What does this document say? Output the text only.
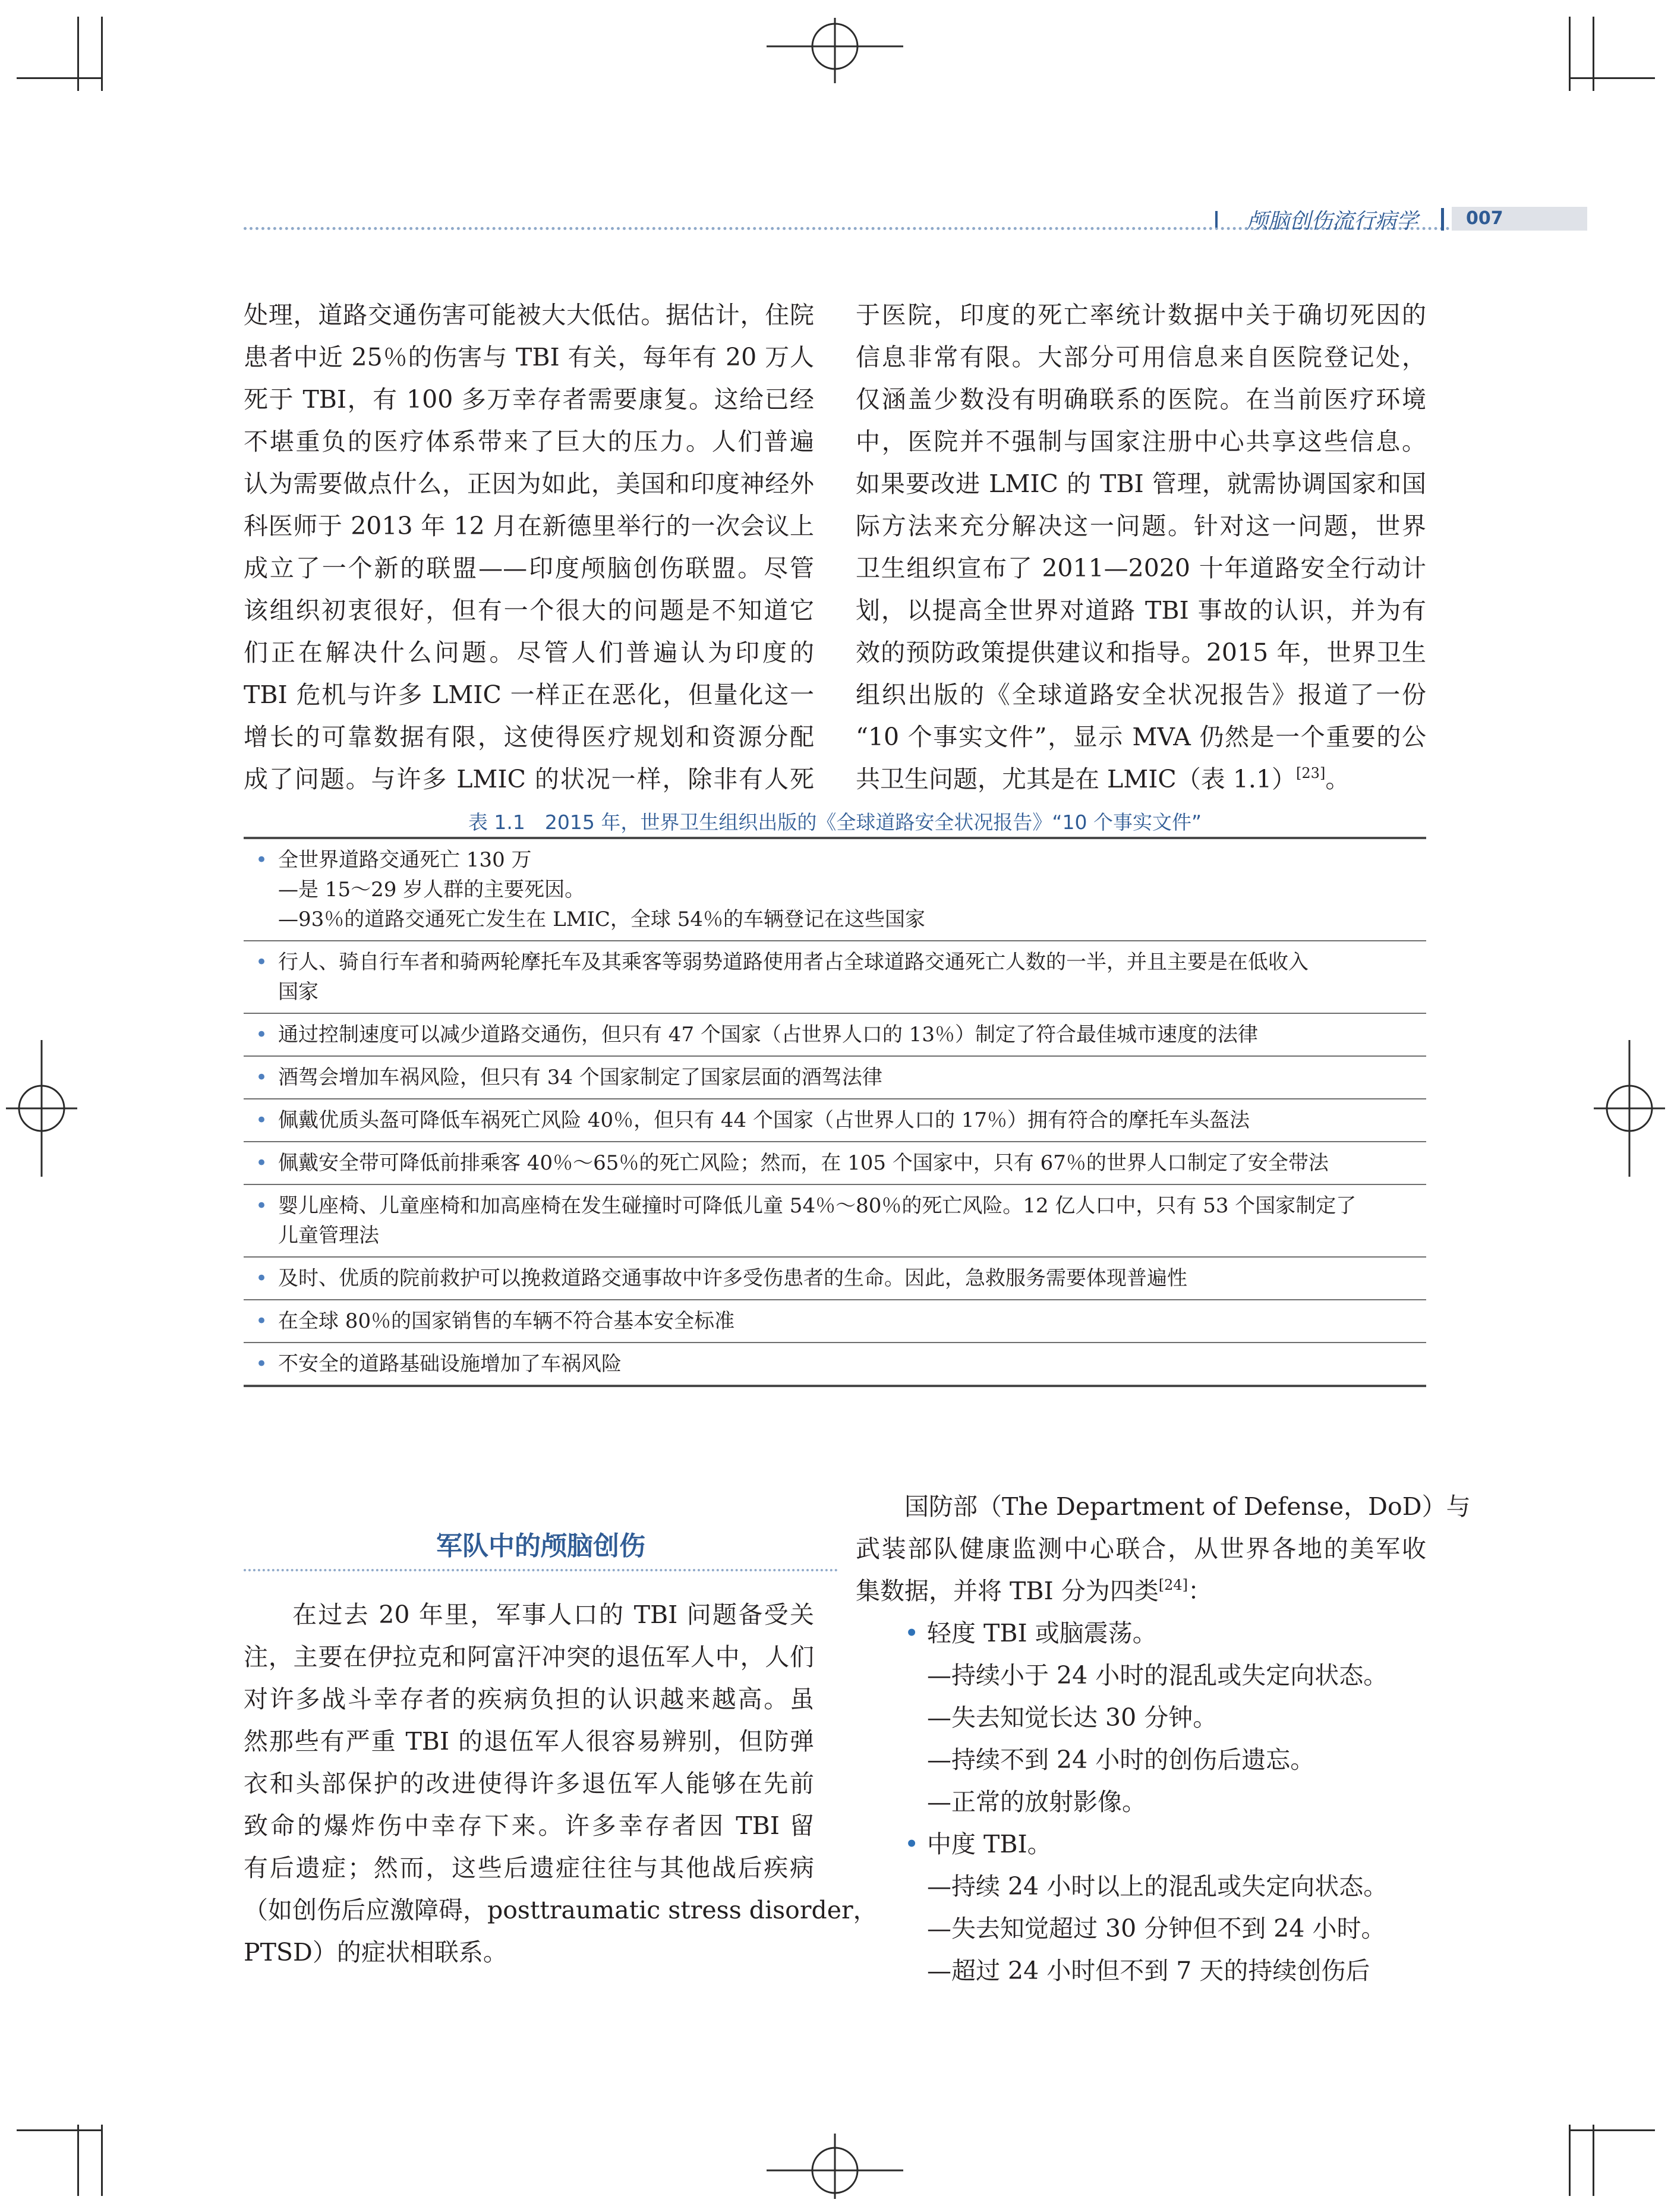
颅脑创伤流行病学	007
处理，道路交通伤害可能被大大低估。据估计，住院
患者中近 25％的伤害与 TBI 有关，每年有 20 万人
死于 TBI，有 100 多万幸存者需要康复。这给已经
不堪重负的医疗体系带来了巨大的压力。人们普遍
认为需要做点什么，正因为如此，美国和印度神经外
科医师于 2013 年 12 月在新德里举行的一次会议上
成立了一个新的联盟——印度颅脑创伤联盟。尽管
该组织初衷很好，但有一个很大的问题是不知道它
们正在解决什么问题。尽管人们普遍认为印度的
TBI 危机与许多 LMIC 一样正在恶化，但量化这一
增长的可靠数据有限，这使得医疗规划和资源分配
成了问题。与许多 LMIC 的状况一样，除非有人死
于医院，印度的死亡率统计数据中关于确切死因的
信息非常有限。大部分可用信息来自医院登记处，
仅涵盖少数没有明确联系的医院。在当前医疗环境
中，医院并不强制与国家注册中心共享这些信息。
如果要改进 LMIC 的 TBI 管理，就需协调国家和国
际方法来充分解决这一问题。针对这一问题，世界
卫生组织宣布了 2011—2020 十年道路安全行动计
划，以提高全世界对道路 TBI 事故的认识，并为有
效的预防政策提供建议和指导。2015 年，世界卫生
组织出版的《全球道路安全状况报告》报道了一份
“10 个事实文件”，显示 MVA 仍然是一个重要的公
共卫生问题，尤其是在 LMIC（表 1.1）[23]。
表 1.1　2015 年，世界卫生组织出版的《全球道路安全状况报告》“10 个事实文件”
• 全世界道路交通死亡 130 万
—是 15～29 岁人群的主要死因。
—93％的道路交通死亡发生在 LMIC，全球 54％的车辆登记在这些国家
• 行人、骑自行车者和骑两轮摩托车及其乘客等弱势道路使用者占全球道路交通死亡人数的一半，并且主要是在低收入
国家
• 通过控制速度可以减少道路交通伤，但只有 47 个国家（占世界人口的 13％）制定了符合最佳城市速度的法律
• 酒驾会增加车祸风险，但只有 34 个国家制定了国家层面的酒驾法律
• 佩戴优质头盔可降低车祸死亡风险 40％，但只有 44 个国家（占世界人口的 17％）拥有符合的摩托车头盔法
• 佩戴安全带可降低前排乘客 40％～65％的死亡风险；然而，在 105 个国家中，只有 67％的世界人口制定了安全带法
• 婴儿座椅、儿童座椅和加高座椅在发生碰撞时可降低儿童 54％～80％的死亡风险。12 亿人口中，只有 53 个国家制定了
儿童管理法
• 及时、优质的院前救护可以挽救道路交通事故中许多受伤患者的生命。因此，急救服务需要体现普遍性
• 在全球 80％的国家销售的车辆不符合基本安全标准
• 不安全的道路基础设施增加了车祸风险
军队中的颅脑创伤
在过去 20 年里，军事人口的 TBI 问题备受关
注，主要在伊拉克和阿富汗冲突的退伍军人中，人们
对许多战斗幸存者的疾病负担的认识越来越高。虽
然那些有严重 TBI 的退伍军人很容易辨别，但防弹
衣和头部保护的改进使得许多退伍军人能够在先前
致命的爆炸伤中幸存下来。许多幸存者因 TBI 留
有后遗症；然而，这些后遗症往往与其他战后疾病
（如创伤后应激障碍，posttraumatic stress disorder，
PTSD）的症状相联系。
国防部（The Department of Defense，DoD）与
武装部队健康监测中心联合，从世界各地的美军收
集数据，并将 TBI 分为四类[24]：
• 轻度 TBI 或脑震荡。
—持续小于 24 小时的混乱或失定向状态。
—失去知觉长达 30 分钟。
—持续不到 24 小时的创伤后遗忘。
—正常的放射影像。
• 中度 TBI。
—持续 24 小时以上的混乱或失定向状态。
—失去知觉超过 30 分钟但不到 24 小时。
—超过 24 小时但不到 7 天的持续创伤后
